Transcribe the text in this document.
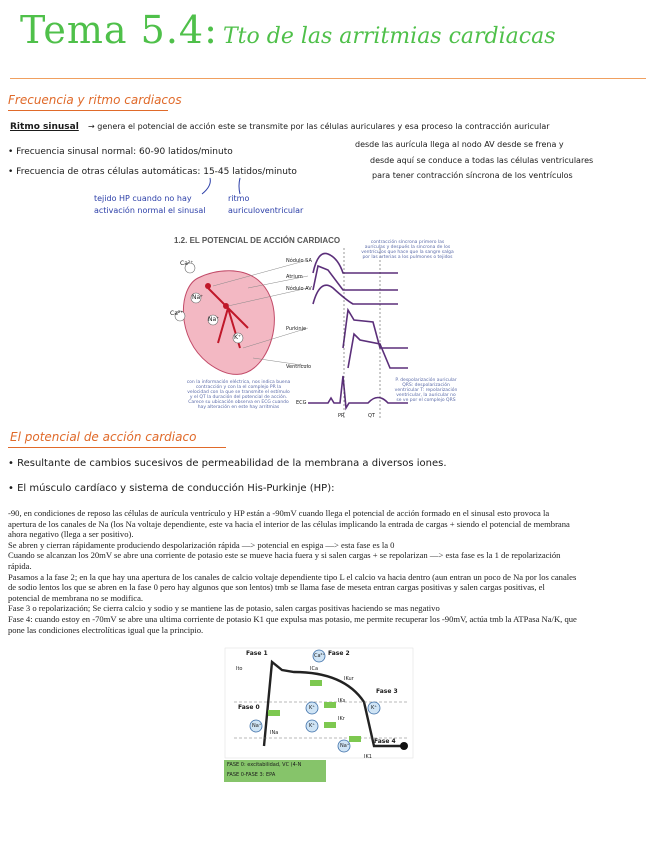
Tema 5.4: Tto de las arritmias cardiacas
Frecuencia y ritmo cardiacos
Ritmo sinusal → genera el potencial de acción este se transmite por las células auriculares y esa proceso la contracción auricular
desde las aurícula llega al nodo AV desde se frena y
desde aquí se conduce a todas las células ventriculares
para tener contracción síncrona de los ventrículos
• Frecuencia sinusal normal: 60-90 latidos/minuto
• Frecuencia de otras células automáticas: 15-45 latidos/minuto
tejido HP cuando no hay
activación normal el sinusal
ritmo
auriculoventricular
1.2. EL POTENCIAL DE ACCIÓN CARDIACO
Ca²⁺
Na⁺
Ca²⁺
Na⁺
K⁺
Nódulo SA
Atrium
Nódulo AV
Purkinje
Ventrículo
ECG
PR	QT
contracción síncrona primero las aurículas y después la síncrona de los ventrículos que hace que la sangre salga por las arterias a los pulmones o tejidos
con la información eléctrica, nos indica buena contracción y con la el complejo PR la velocidad con la que se transmite el estímulo y el QT la duración del potencial de acción. Carece su ubicación observa en ECG cuando hay alteración en este hay arritmias
P. despolarización auricular QRS: despolarización ventricular T: repolarización ventricular, la auricular no se ve por el complejo QRS
El potencial de acción cardiaco
• Resultante de cambios sucesivos de permeabilidad de la membrana a diversos iones.
• El músculo cardíaco y sistema de conducción His-Purkinje (HP):
-90, en condiciones de reposo las células de aurícula ventrículo y HP están a -90mV cuando llega el potencial de acción formado en el sinusal esto provoca la
apertura de los canales de Na (los Na voltaje dependiente, este va hacia el interior de las células implicando la entrada de cargas + siendo el potencial de membrana
ahora negativo (llega a ser positivo).
Se abren y cierran rápidamente produciendo despolarización rápida —> potencial en espiga —> esta fase es la 0
Cuando se alcanzan los 20mV se abre una corriente de potasio este se mueve hacia fuera y si salen cargas + se repolarizan —> esta fase es la 1 de repolarización
rápida.
Pasamos a la fase 2; en la que hay una apertura de los canales de calcio voltaje dependiente tipo L el calcio va hacia dentro (aun entran un poco de Na por los canales
de sodio lentos los que se abren en la fase 0 pero hay algunos que son lentos) tmb se llama fase de meseta entran cargas positivas y salen cargas positivas, el
potencial de membrana no se modifica.
Fase 3 o repolarización; Se cierra calcio y sodio y se mantiene las de potasio, salen cargas positivas haciendo se mas negativo
Fase 4: cuando estoy en -70mV se abre una ultima corriente de potasio K1 que expulsa mas potasio, me permite recuperar los -90mV, actúa tmb la ATPasa Na/K, que
pone las condiciones electrolíticas igual que la principio.
Fase 1	Fase 2
Fase 3
Fase 0
Fase 4
INa
ICa
IKur
IKs
IKr
IK1
Ito
Na⁺
Ca²⁺
K⁺
K⁺
K⁺
Na⁺
FASE 0: excitabilidad, VC (4-N
FASE 0-FASE 3: EPA
